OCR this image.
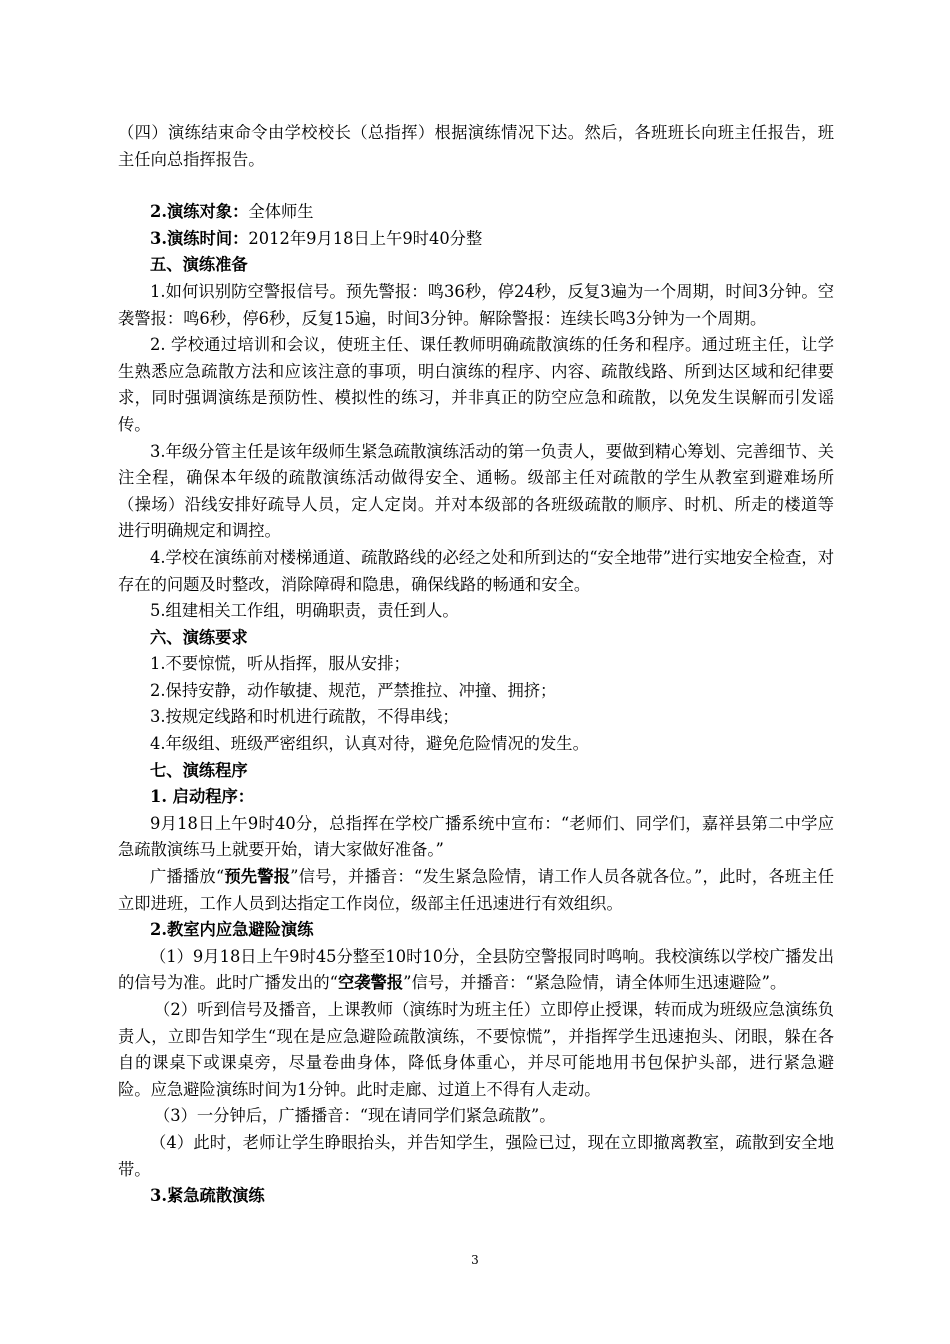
（四）演练结束命令由学校校长（总指挥）根据演练情况下达。然后，各班班长向班主任报告，班主任向总指挥报告。

2.演练对象：全体师生

3.演练时间：2012年9月18日上午9时40分整

五、演练准备

1.如何识别防空警报信号。预先警报：鸣36秒，停24秒，反复3遍为一个周期，时间3分钟。空袭警报：鸣6秒，停6秒，反复15遍，时间3分钟。解除警报：连续长鸣3分钟为一个周期。

2. 学校通过培训和会议，使班主任、课任教师明确疏散演练的任务和程序。通过班主任，让学生熟悉应急疏散方法和应该注意的事项，明白演练的程序、内容、疏散线路、所到达区域和纪律要求，同时强调演练是预防性、模拟性的练习，并非真正的防空应急和疏散，以免发生误解而引发谣传。

3.年级分管主任是该年级师生紧急疏散演练活动的第一负责人，要做到精心筹划、完善细节、关注全程，确保本年级的疏散演练活动做得安全、通畅。级部主任对疏散的学生从教室到避难场所（操场）沿线安排好疏导人员，定人定岗。并对本级部的各班级疏散的顺序、时机、所走的楼道等进行明确规定和调控。

4.学校在演练前对楼梯通道、疏散路线的必经之处和所到达的“安全地带”进行实地安全检查，对存在的问题及时整改，消除障碍和隐患，确保线路的畅通和安全。

5.组建相关工作组，明确职责，责任到人。

六、演练要求

1.不要惊慌，听从指挥，服从安排；

2.保持安静，动作敏捷、规范，严禁推拉、冲撞、拥挤；

3.按规定线路和时机进行疏散，不得串线；

4.年级组、班级严密组织，认真对待，避免危险情况的发生。

七、演练程序

1. 启动程序：

9月18日上午9时40分，总指挥在学校广播系统中宣布：“老师们、同学们，嘉祥县第二中学应急疏散演练马上就要开始，请大家做好准备。”

广播播放“预先警报”信号，并播音：“发生紧急险情，请工作人员各就各位。”，此时，各班主任立即进班，工作人员到达指定工作岗位，级部主任迅速进行有效组织。

2.教室内应急避险演练

（1）9月18日上午9时45分整至10时10分，全县防空警报同时鸣响。我校演练以学校广播发出的信号为准。此时广播发出的“空袭警报”信号，并播音：“紧急险情，请全体师生迅速避险”。

（2）听到信号及播音，上课教师（演练时为班主任）立即停止授课，转而成为班级应急演练负责人，立即告知学生“现在是应急避险疏散演练，不要惊慌”，并指挥学生迅速抱头、闭眼，躲在各自的课桌下或课桌旁，尽量卷曲身体，降低身体重心，并尽可能地用书包保护头部，进行紧急避险。应急避险演练时间为1分钟。此时走廊、过道上不得有人走动。

（3）一分钟后，广播播音：“现在请同学们紧急疏散”。

（4）此时，老师让学生睁眼抬头，并告知学生，强险已过，现在立即撤离教室，疏散到安全地带。

3.紧急疏散演练

3
